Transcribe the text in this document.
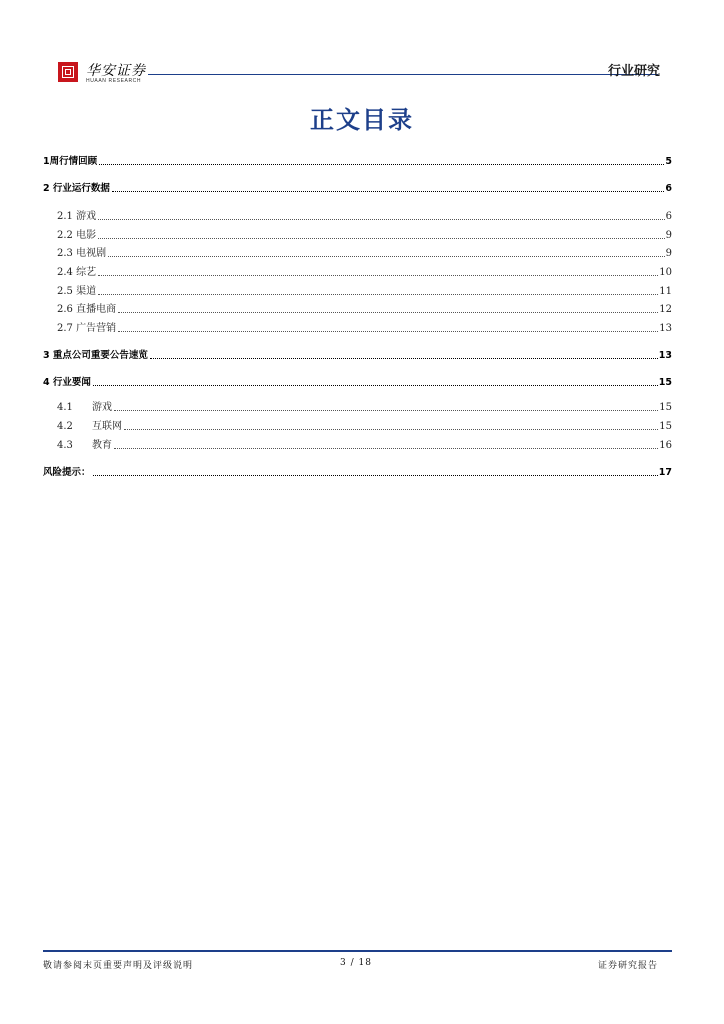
华安证券
HUAAN RESEARCH
行业研究
正文目录
1周行情回顾	5
2 行业运行数据	6
2.1 游戏	6
2.2 电影	9
2.3 电视剧	9
2.4 综艺	10
2.5 渠道	11
2.6 直播电商	12
2.7 广告营销	13
3 重点公司重要公告速览	13
4 行业要闻	15
4.1      游戏	15
4.2      互联网	15
4.3      教育	16
风险提示：	17
敬请参阅末页重要声明及评级说明	3 / 18	证券研究报告
